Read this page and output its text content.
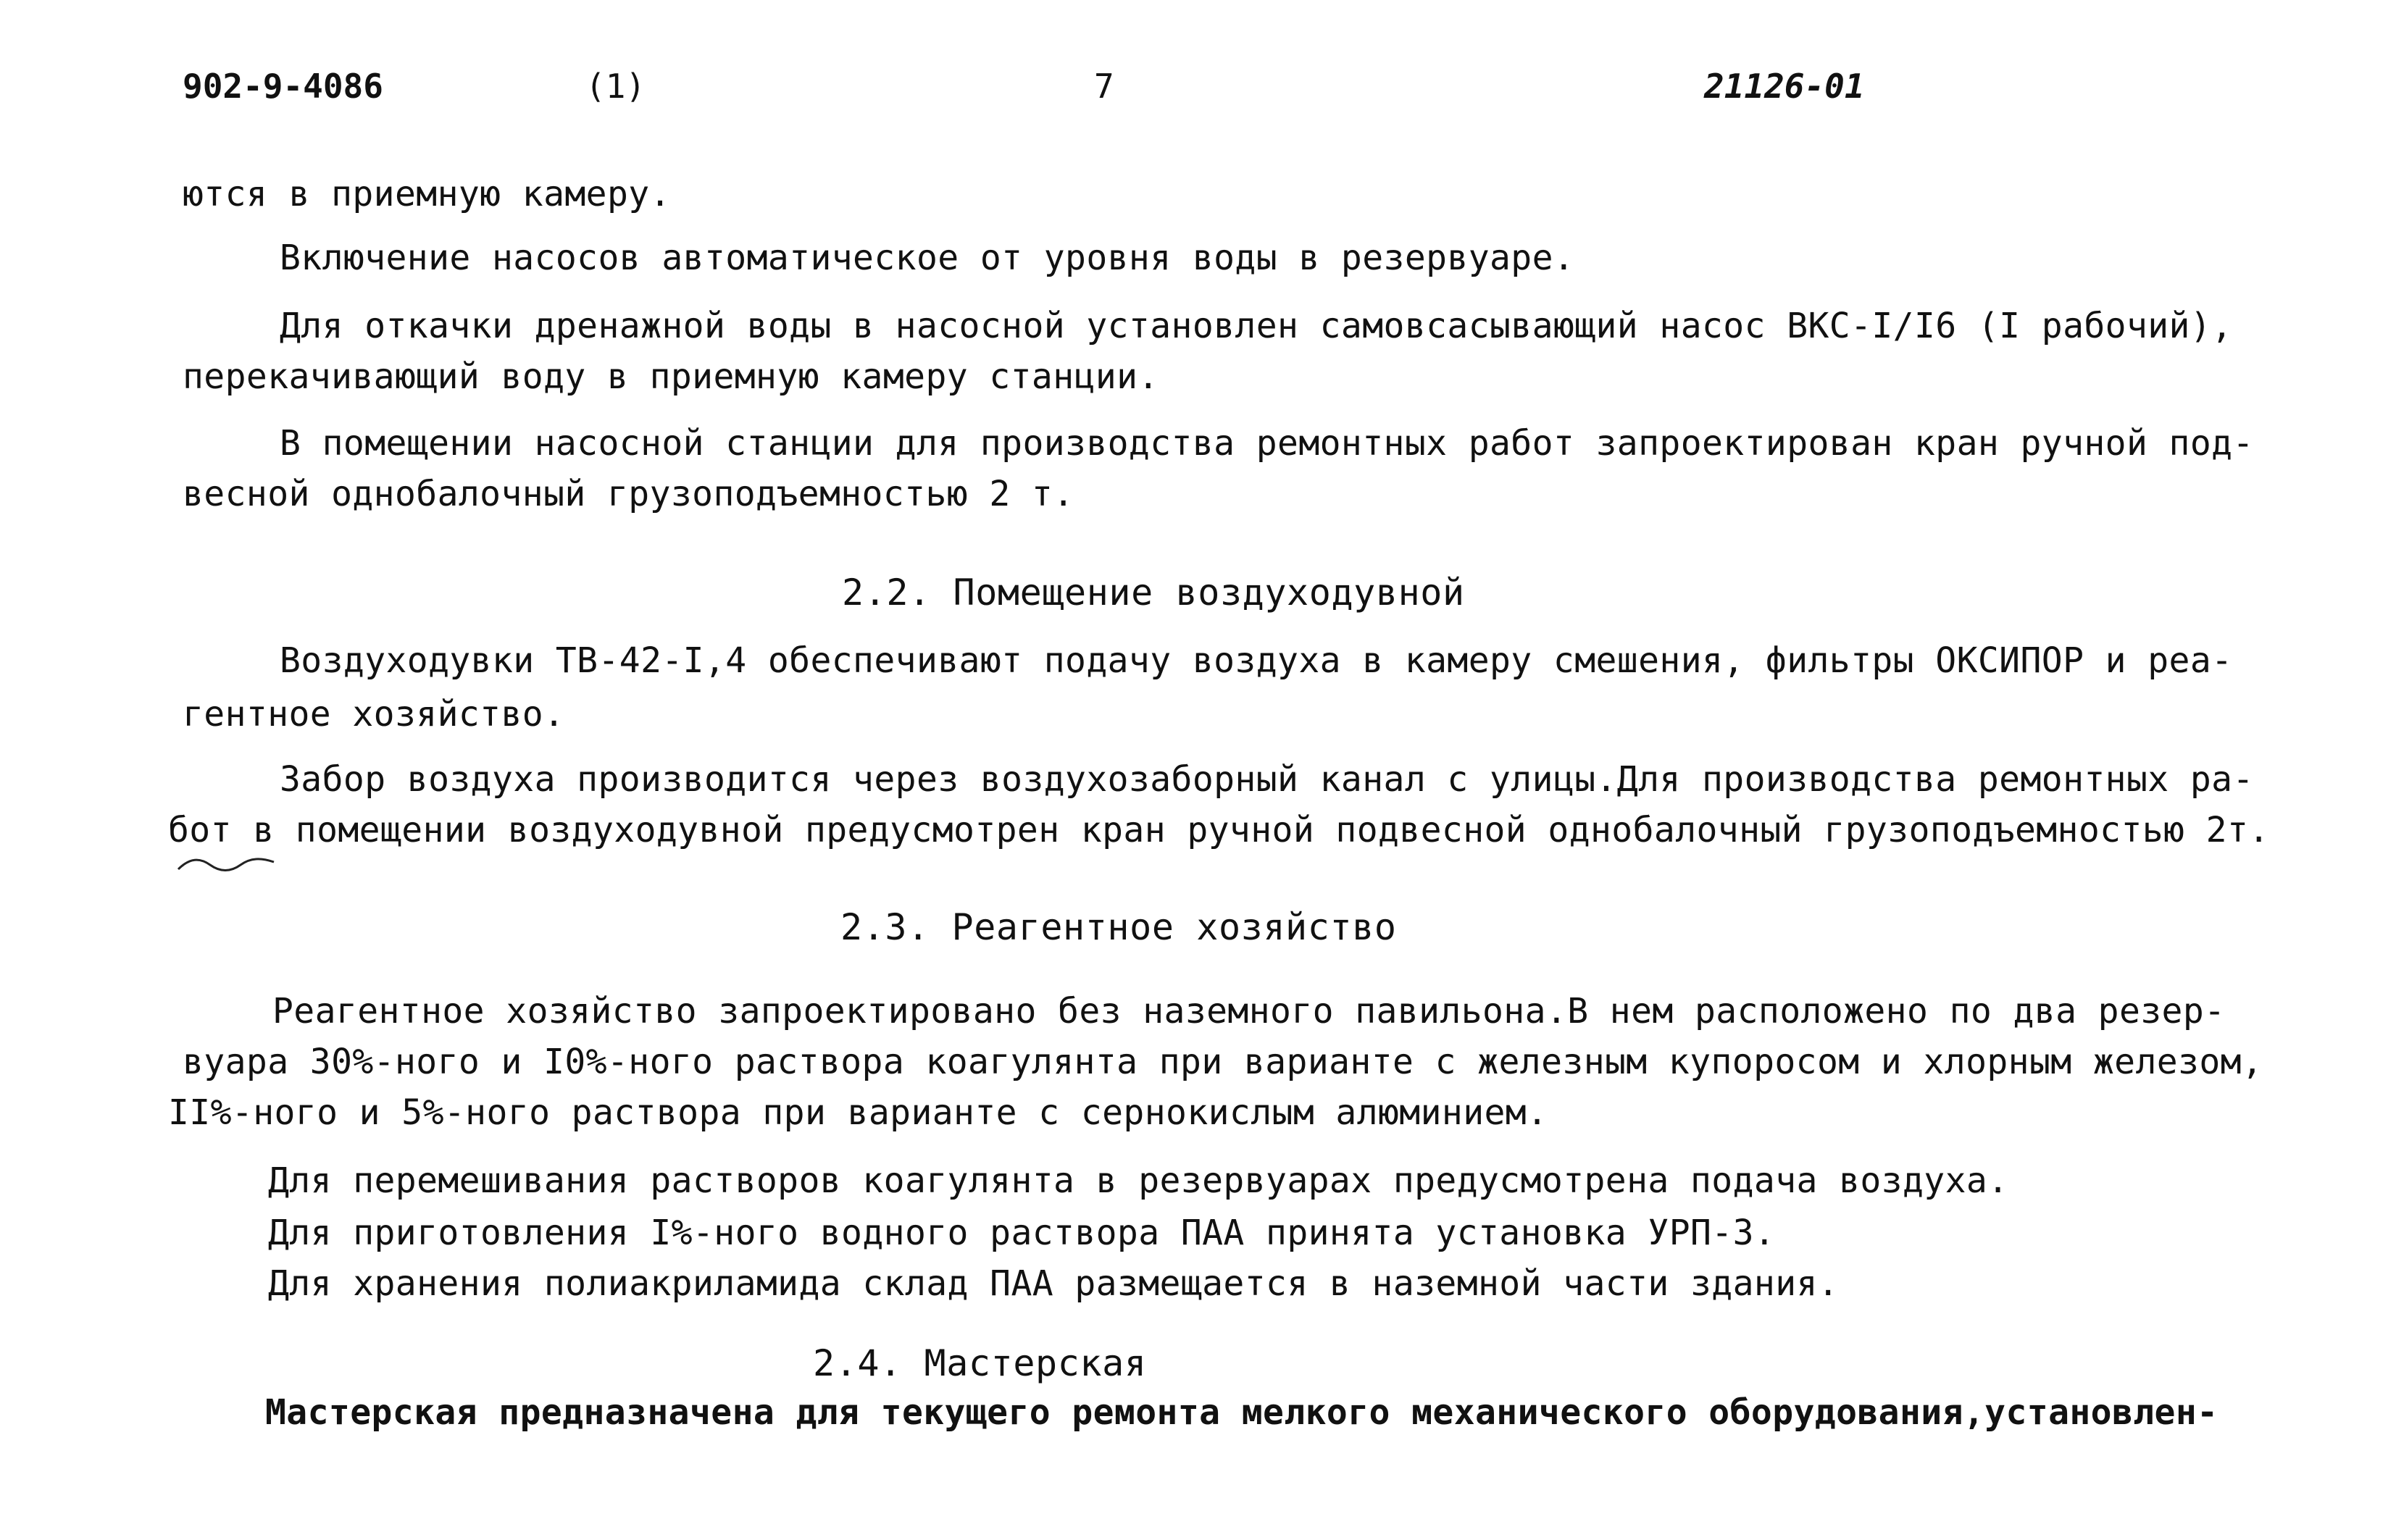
902-9-4086	(1)	7	21126-01
ются в приемную камеру.
Включение насосов автоматическое от уровня воды в резервуаре.
Для откачки дренажной воды в насосной установлен самовсасывающий насос ВКС-I/I6 (I рабочий),
перекачивающий воду в приемную камеру станции.
В помещении насосной станции для производства ремонтных работ запроектирован кран ручной под-
весной однобалочный грузоподъемностью 2 т.
2.2. Помещение воздуходувной
Воздуходувки ТВ-42-I,4 обеспечивают подачу воздуха в камеру смешения, фильтры ОКСИПОР и реа-
гентное хозяйство.
Забор воздуха производится через воздухозаборный канал с улицы.Для производства ремонтных ра-
бот в помещении воздуходувной предусмотрен кран ручной подвесной однобалочный грузоподъемностью 2т.
2.3. Реагентное хозяйство
Реагентное хозяйство запроектировано без наземного павильона.В нем расположено по два резер-
вуара 30%-ного и I0%-ного раствора коагулянта при варианте с железным купоросом и хлорным железом,
II%-ного и 5%-ного раствора при варианте с сернокислым алюминием.
Для перемешивания растворов коагулянта в резервуарах предусмотрена подача воздуха.
Для приготовления I%-ного водного раствора ПАА принята установка УРП-3.
Для хранения полиакриламида склад ПАА размещается в наземной части здания.
2.4. Мастерская
Мастерская предназначена для текущего ремонта мелкого механического оборудования,установлен-
